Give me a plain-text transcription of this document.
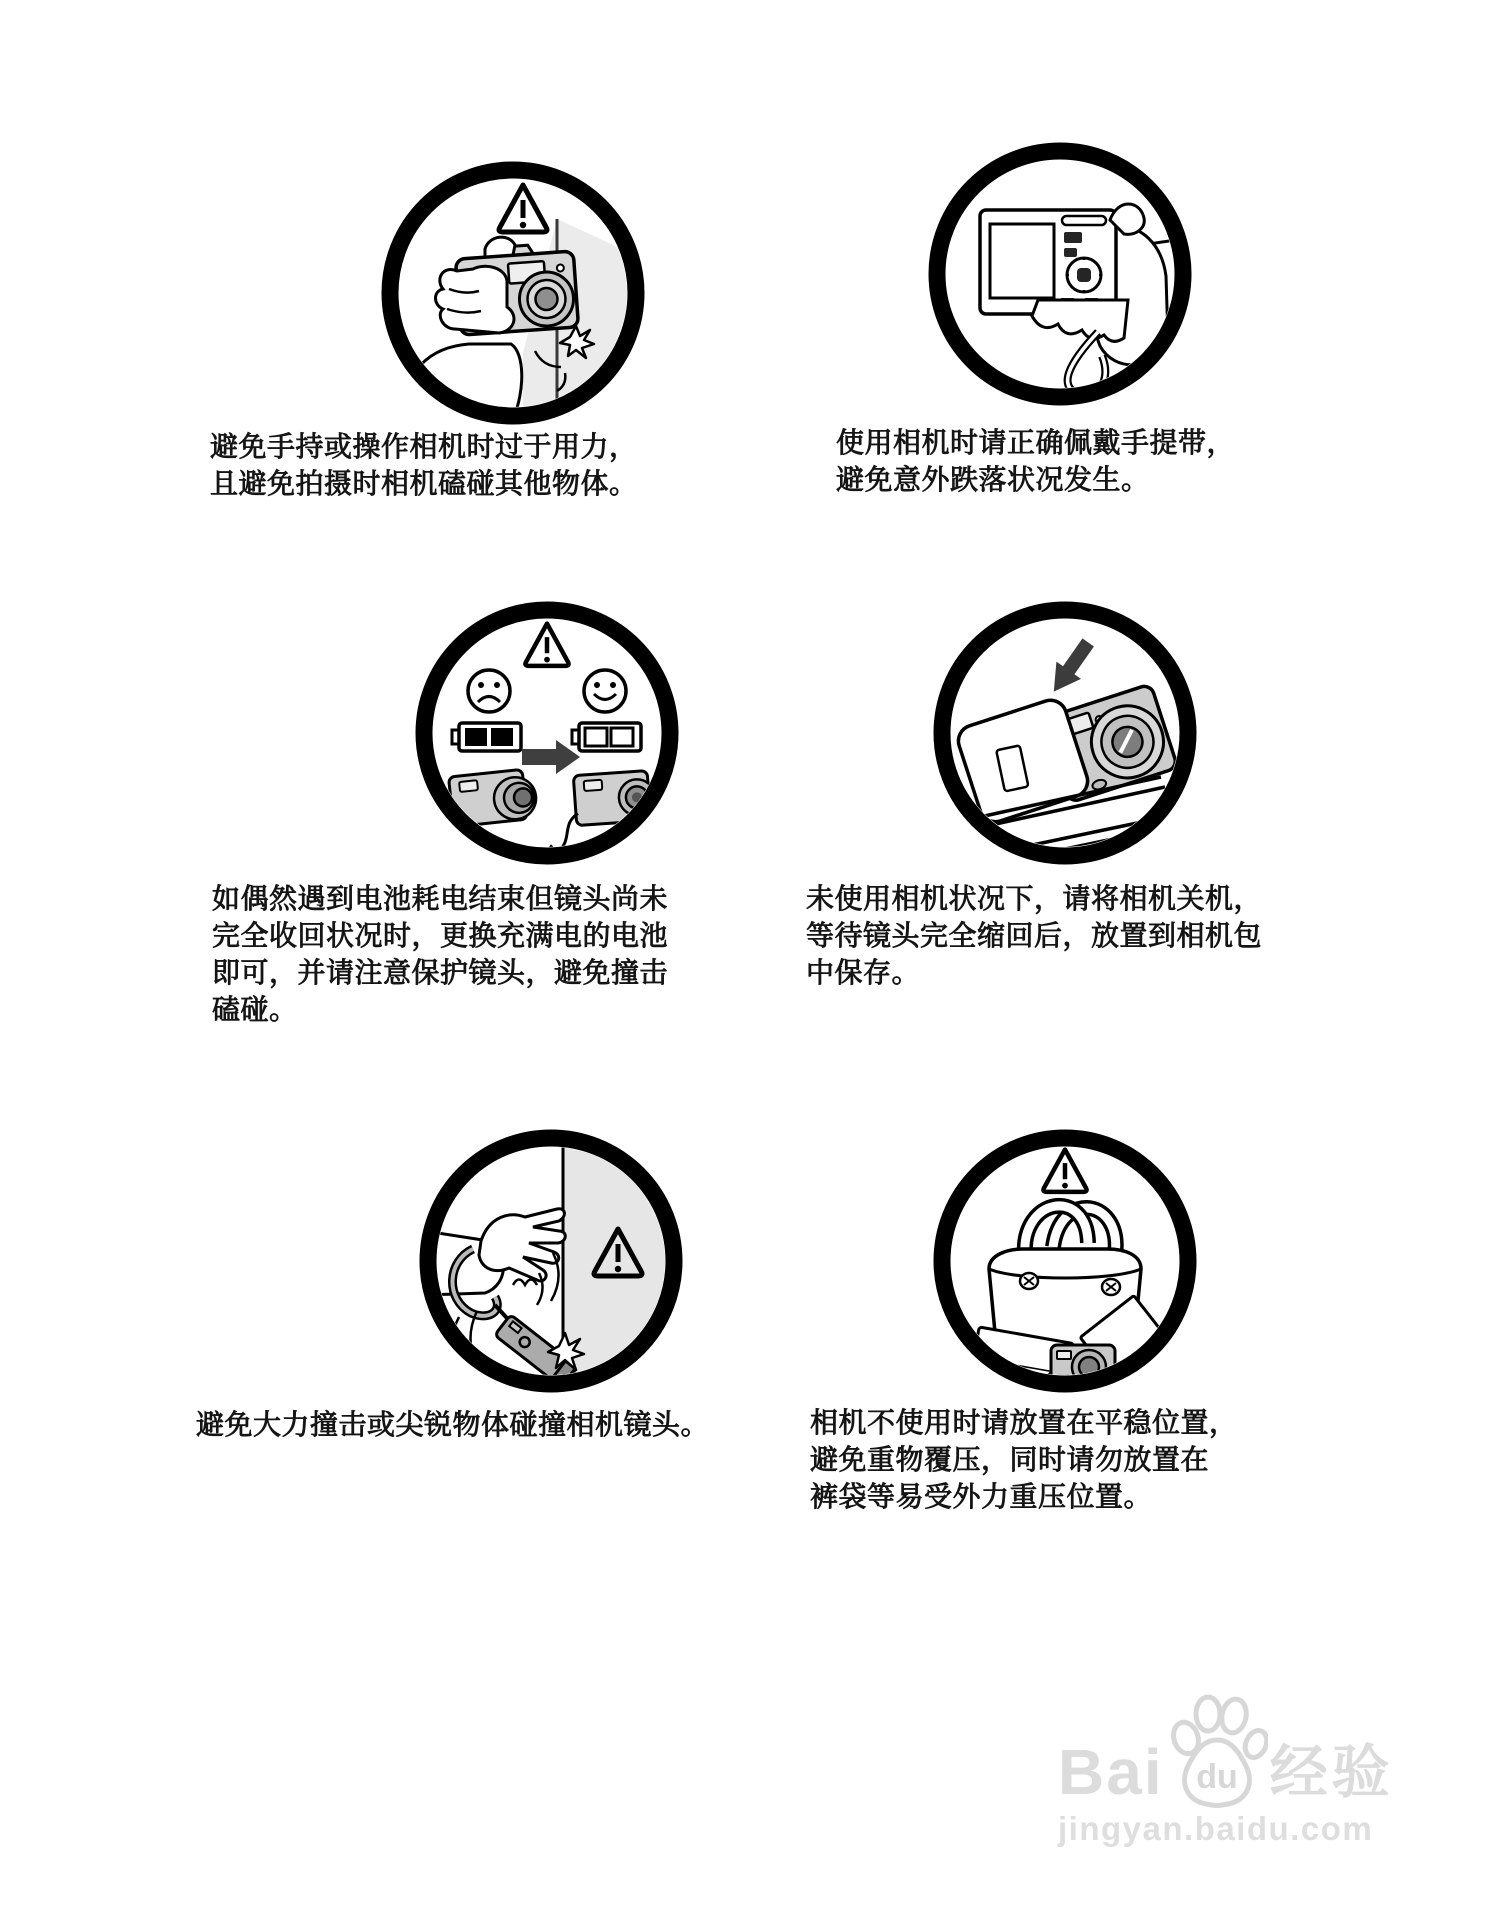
避免手持或操作相机时过于用力，
且避免拍摄时相机磕碰其他物体。
使用相机时请正确佩戴手提带，
避免意外跌落状况发生。
如偶然遇到电池耗电结束但镜头尚未
完全收回状况时，更换充满电的电池
即可，并请注意保护镜头，避免撞击
磕碰。
未使用相机状况下，请将相机关机，
等待镜头完全缩回后，放置到相机包
中保存。
避免大力撞击或尖锐物体碰撞相机镜头。	相机不使用时请放置在平稳位置，
避免重物覆压，同时请勿放置在
裤袋等易受外力重压位置。
Bai du 经验
jingyan.baidu.com
